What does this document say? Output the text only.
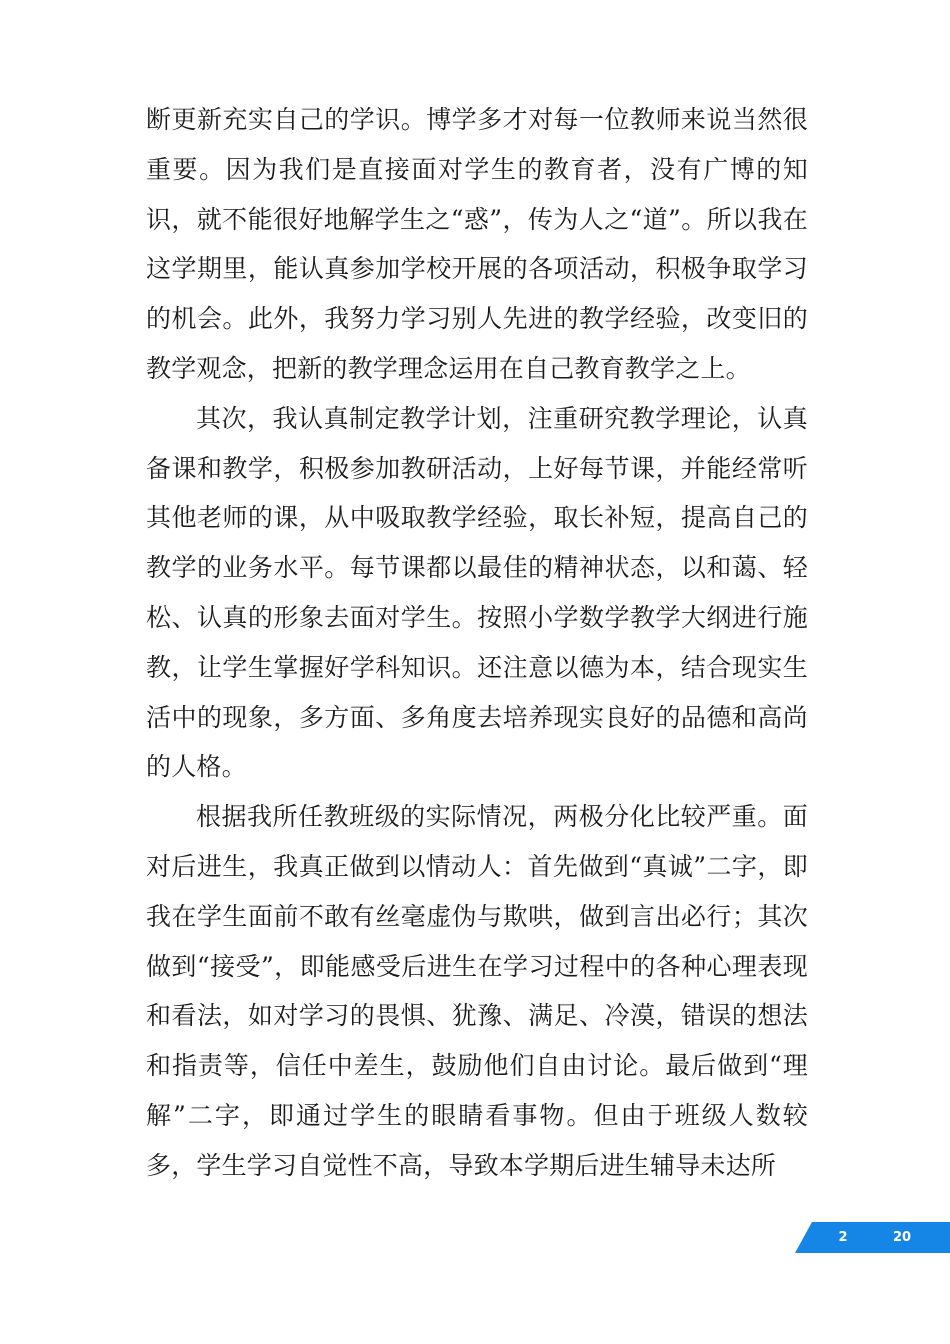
断更新充实自己的学识。博学多才对每一位教师来说当然很重要。因为我们是直接面对学生的教育者，没有广博的知识，就不能很好地解学生之“惑”，传为人之“道”。所以我在这学期里，能认真参加学校开展的各项活动，积极争取学习的机会。此外，我努力学习别人先进的教学经验，改变旧的教学观念，把新的教学理念运用在自己教育教学之上。

其次，我认真制定教学计划，注重研究教学理论，认真备课和教学，积极参加教研活动，上好每节课，并能经常听其他老师的课，从中吸取教学经验，取长补短，提高自己的教学的业务水平。每节课都以最佳的精神状态，以和蔼、轻松、认真的形象去面对学生。按照小学数学教学大纲进行施教，让学生掌握好学科知识。还注意以德为本，结合现实生活中的现象，多方面、多角度去培养现实良好的品德和高尚的人格。

根据我所任教班级的实际情况，两极分化比较严重。面对后进生，我真正做到以情动人：首先做到“真诚”二字，即我在学生面前不敢有丝毫虚伪与欺哄，做到言出必行；其次做到“接受”，即能感受后进生在学习过程中的各种心理表现和看法，如对学习的畏惧、犹豫、满足、冷漠，错误的想法和指责等，信任中差生，鼓励他们自由讨论。最后做到“理解”二字，即通过学生的眼睛看事物。但由于班级人数较多，学生学习自觉性不高，导致本学期后进生辅导未达所

2	20
